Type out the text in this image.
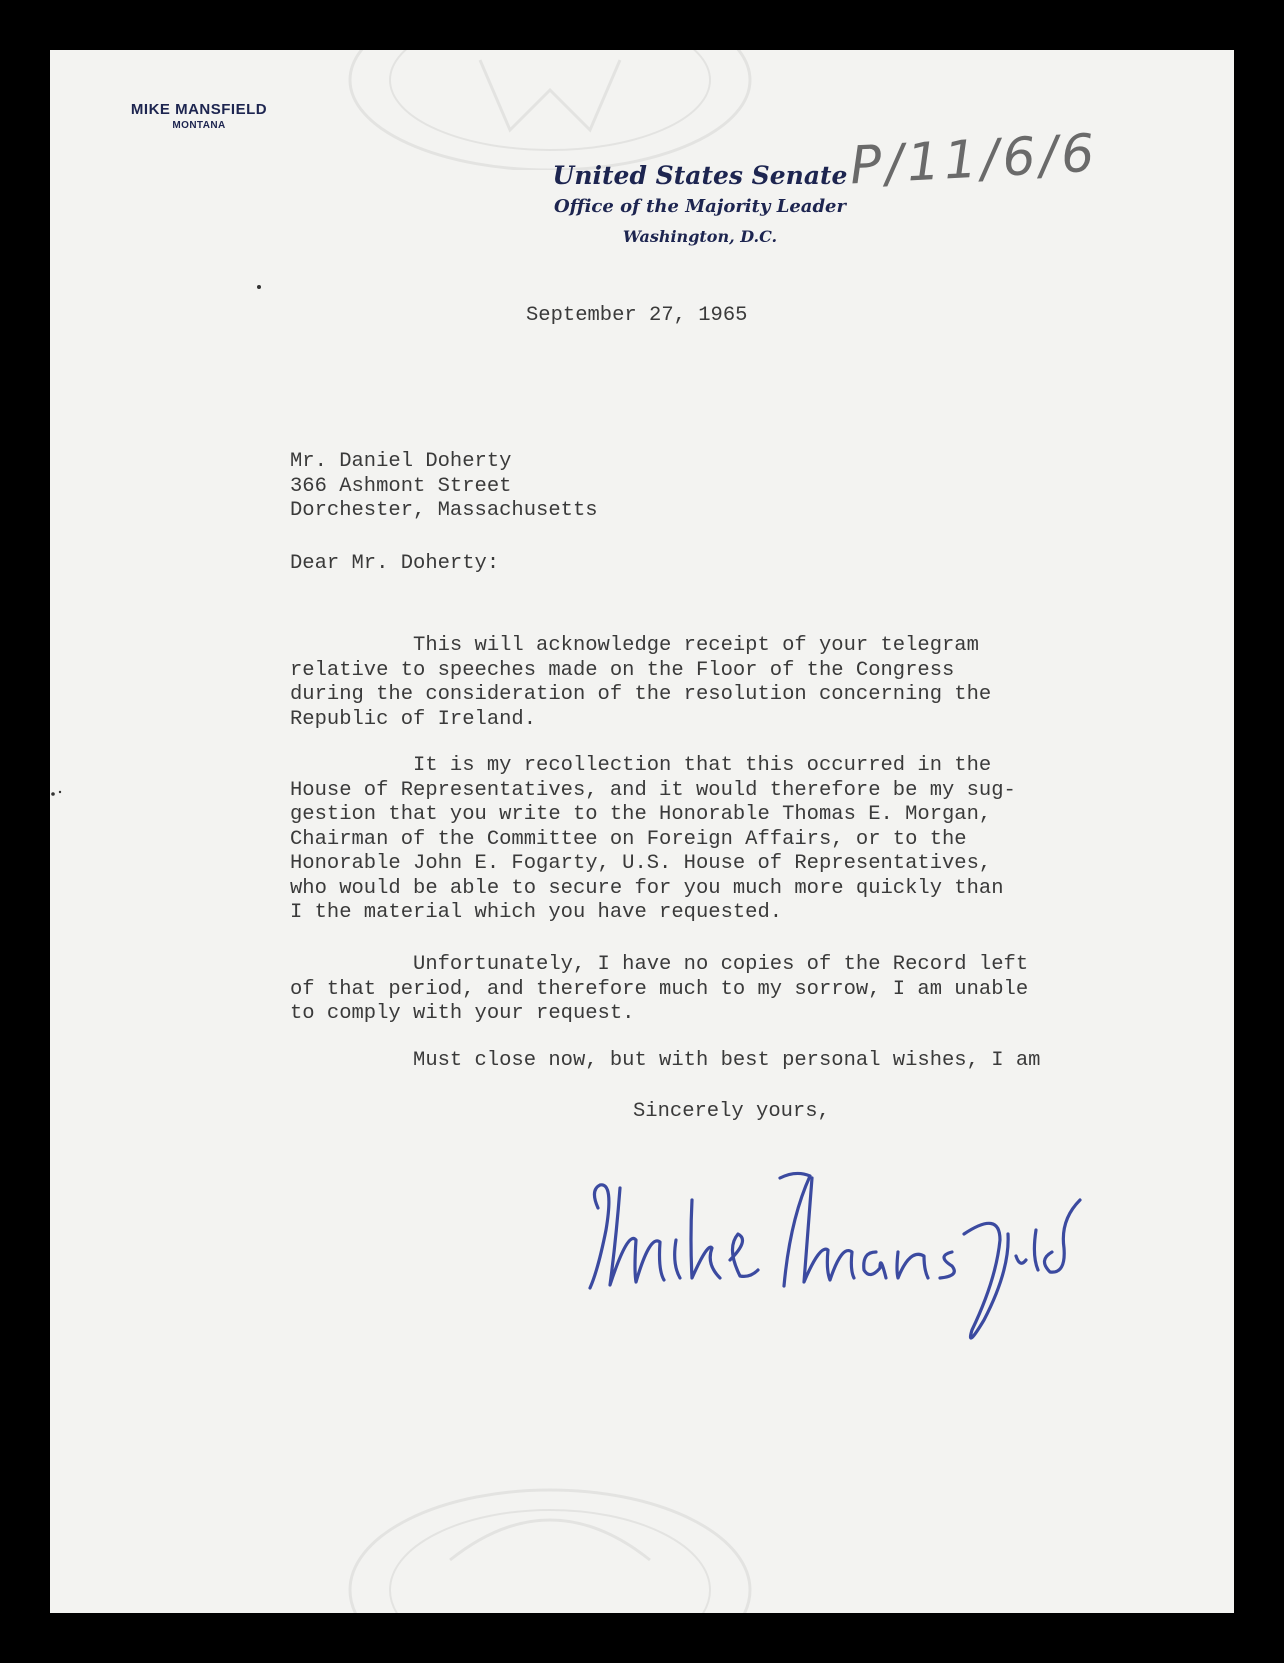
MIKE MANSFIELD
MONTANA
United States Senate
Office of the Majority Leader
Washington, D.C.
P/11/6/6
September 27, 1965
Mr. Daniel Doherty
366 Ashmont Street
Dorchester, Massachusetts
Dear Mr. Doherty:
This will acknowledge receipt of your telegram
relative to speeches made on the Floor of the Congress
during the consideration of the resolution concerning the
Republic of Ireland.
It is my recollection that this occurred in the
House of Representatives, and it would therefore be my sug-
gestion that you write to the Honorable Thomas E. Morgan,
Chairman of the Committee on Foreign Affairs, or to the
Honorable John E. Fogarty, U.S. House of Representatives,
who would be able to secure for you much more quickly than
I the material which you have requested.
Unfortunately, I have no copies of the Record left
of that period, and therefore much to my sorrow, I am unable
to comply with your request.
Must close now, but with best personal wishes, I am
Sincerely yours,
